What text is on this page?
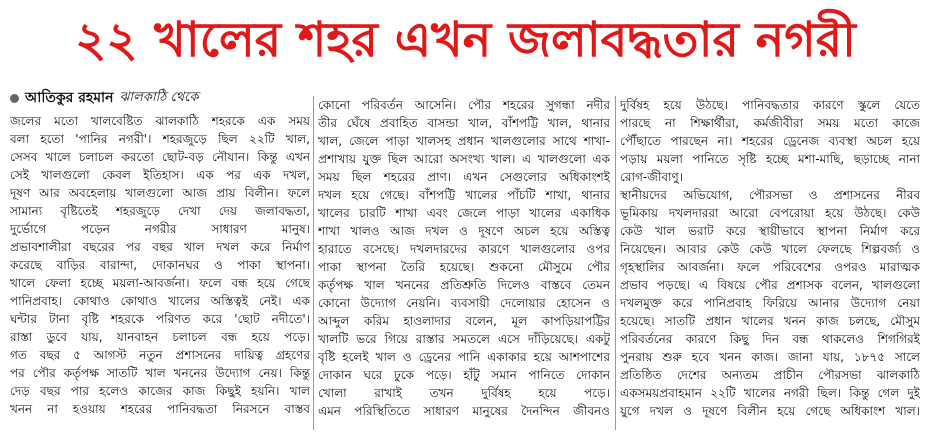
২২ খালের শহর এখন জলাবদ্ধতার নগরী
আতিকুর রহমান ঝালকাঠি থেকে
জলের মতো খালবেষ্টিত ঝালকাঠি শহরকে এক সময়
বলা হতো 'পানির নগরী'। শহরজুড়ে ছিল ২২টি খাল,
সেসব খালে চলাচল করতো ছোট-বড় নৌযান। কিন্তু এখন
সেই খালগুলো কেবল ইতিহাস। এক পর এক দখল,
দূষণ আর অবহেলায় খালগুলো আজ প্রায় বিলীন। ফলে
সামান্য বৃষ্টিতেই শহরজুড়ে দেখা দেয় জলাবদ্ধতা,
দুর্ভোগে পড়েন নগরীর সাধারণ মানুষ।
প্রভাবশালীরা বছরের পর বছর খাল দখল করে নির্মাণ
করেছে বাড়ির বারান্দা, দোকানঘর ও পাকা স্থাপনা।
খালে ফেলা হচ্ছে ময়লা-আবর্জনা। ফলে বন্ধ হয়ে গেছে
পানিপ্রবাহ। কোথাও কোথাও খালের অস্তিত্বই নেই। এক
ঘন্টার টানা বৃষ্টি শহরকে পরিণত করে 'ছোট নদীতে'।
রাস্তা ডুবে যায়, যানবাহন চলাচল বন্ধ হয়ে পড়ে।
গত বছর ৫ আগস্ট নতুন প্রশাসনের দায়িত্ব গ্রহণের
পর পৌর কর্তৃপক্ষ সাতটি খাল খননের উদ্যোগ নেয়। কিন্তু
দেড় বছর পার হলেও কাজের কাজ কিছুই হয়নি। খাল
খনন না হওয়ায় শহরের পানিবদ্ধতা নিরসনে বাস্তব
কোনো পরিবর্তন আসেনি। পৌর শহরের সুগন্ধা নদীর
তীর ঘেঁষে প্রবাহিত বাসন্ডা খাল, বাঁশপট্টি খাল, থানার
খাল, জেলে পাড়া খালসহ প্রধান খালগুলোর সাথে শাখা-
প্রশাখায় যুক্ত ছিল আরো অসংখ্য খাল। এ খালগুলো এক
সময় ছিল শহরের প্রাণ। এখন সেগুলোর অধিকাংশই
দখল হয়ে গেছে। বাঁশপট্টি খালের পাঁচটি শাখা, থানার
খালের চারটি শাখা এবং জেলে পাড়া খালের একাধিক
শাখা খালও আজ দখল ও দূষণে অচল হয়ে অস্তিত্ব
হারাতে বসেছে। দখলদারদের কারণে খালগুলোর ওপর
পাকা স্থাপনা তৈরি হয়েছে। শুকনো মৌসুমে পৌর
কর্তৃপক্ষ খাল খননের প্রতিশ্রুতি দিলেও বাস্তবে তেমন
কোনো উদ্যোগ নেয়নি। ব্যবসায়ী দেলোয়ার হোসেন ও
আব্দুল করিম হাওলাদার বলেন, মূল কাপড়িয়াপট্টির
খালটি ভরে গিয়ে রাস্তার সমতলে এসে দাঁড়িয়েছে। একটু
বৃষ্টি হলেই খাল ও ড্রেনের পানি একাকার হয়ে আশপাশের
দোকান ঘরে ঢুকে পড়ে। হাঁটু সমান পানিতে দোকান
খোলা রাখাই তখন দুর্বিষহ হয়ে পড়ে।
এমন পরিস্থিতিতে সাধারণ মানুষের দৈনন্দিন জীবনও
দুর্বিষহ হয়ে উঠছে। পানিবদ্ধতার কারণে স্কুলে যেতে
পারছে না শিক্ষার্থীরা, কর্মজীবীরা সময় মতো কাজে
পৌঁছাতে পারছেন না। শহরের ড্রেনেজ ব্যবস্থা অচল হয়ে
পড়ায় ময়লা পানিতে সৃষ্টি হচ্ছে মশা-মাছি, ছড়াচ্ছে নানা
রোগ-জীবাণু।
স্থানীয়দের অভিযোগ, পৌরসভা ও প্রশাসনের নীরব
ভূমিকায় দখলদাররা আরো বেপরোয়া হয়ে উঠছে। কেউ
কেউ খাল ভরাট করে স্থায়ীভাবে স্থাপনা নির্মাণ করে
নিয়েছেন। আবার কেউ কেউ খালে ফেলছে শিল্পবর্জ্য ও
গৃহস্থালির আবর্জনা। ফলে পরিবেশের ওপরও মারাত্মক
প্রভাব পড়ছে। এ বিষয়ে পৌর প্রশাসক বলেন, খালগুলো
দখলমুক্ত করে পানিপ্রবাহ ফিরিয়ে আনার উদ্যোগ নেয়া
হয়েছে। সাতটি প্রধান খালের খনন কাজ চলছে, মৌসুম
পরিবর্তনের কারণে কিছু দিন বন্ধ থাকলেও শিগগিরই
পুনরায় শুরু হবে খনন কাজ। জানা যায়, ১৮৭৫ সালে
প্রতিষ্ঠিত দেশের অন্যতম প্রাচীন পৌরসভা ঝালকাঠি
একসময়প্রবাহমান ২২টি খালের নগরী ছিল। কিন্তু গেল দুই
যুগে দখল ও দূষণে বিলীন হয়ে গেছে অধিকাংশ খাল।
